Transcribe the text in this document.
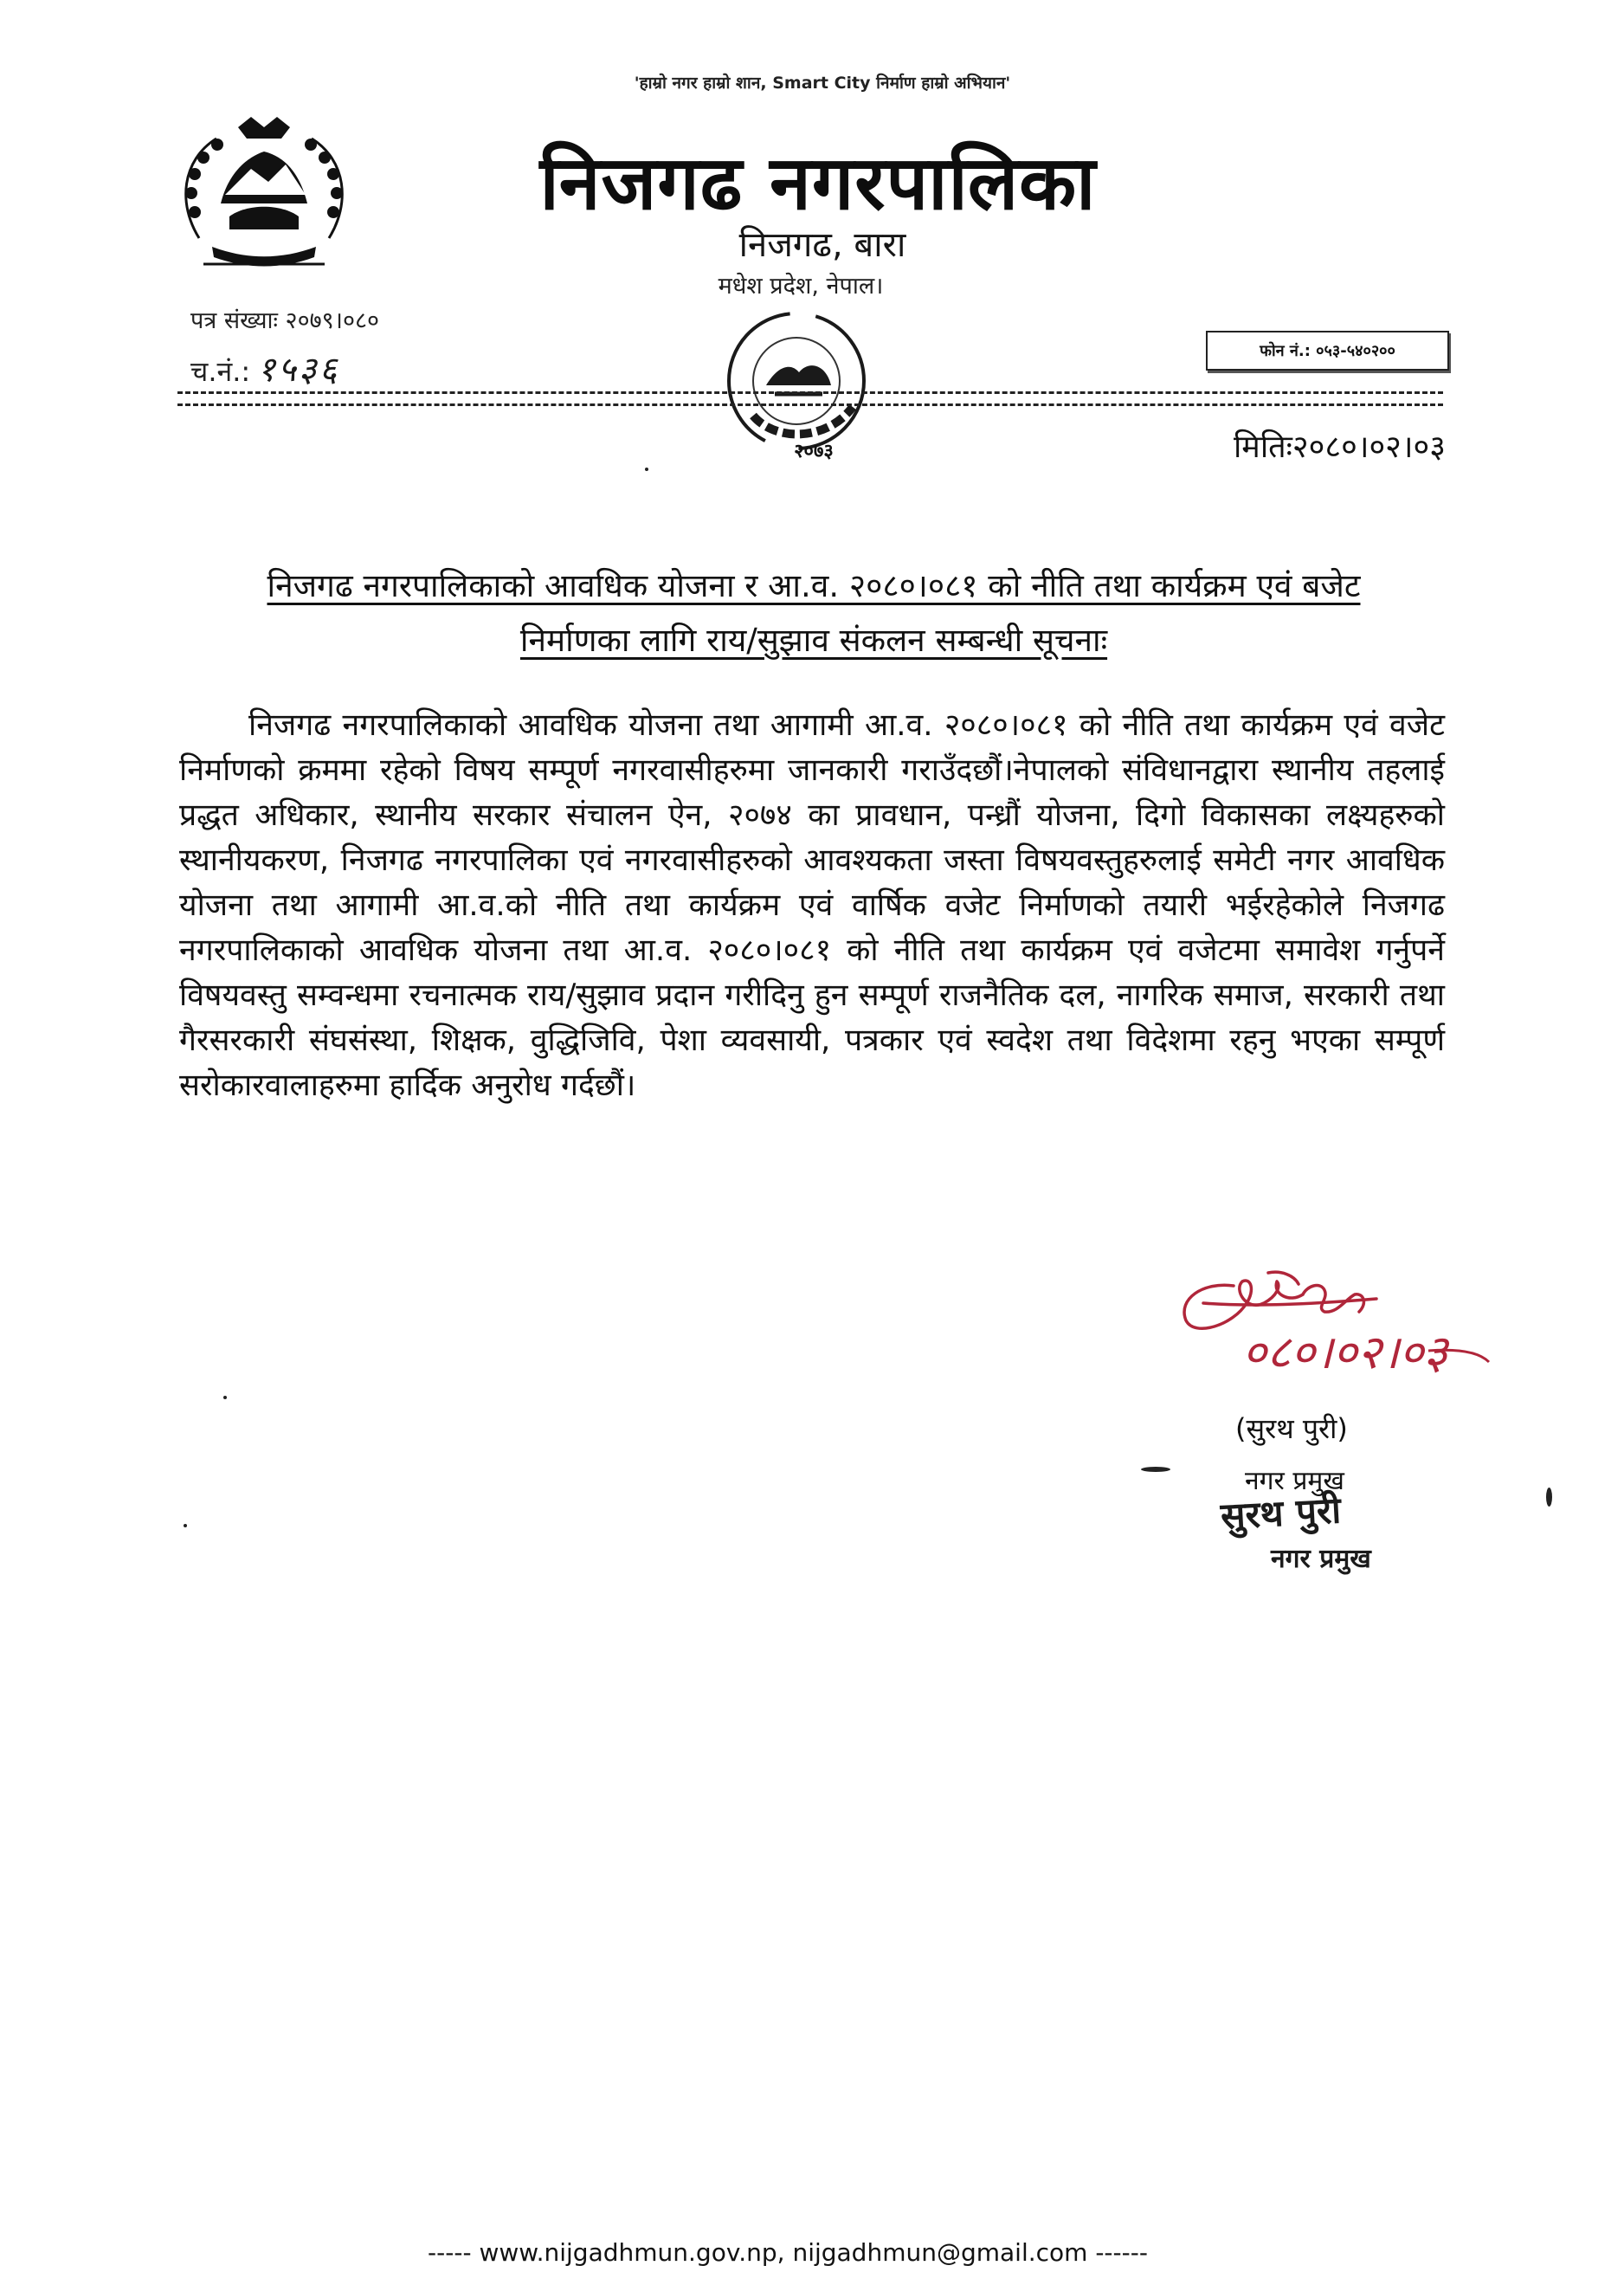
'हाम्रो नगर हाम्रो शान, Smart City निर्माण हाम्रो अभियान'
निजगढ नगरपालिका
निजगढ, बारा
मधेश प्रदेश, नेपाल।
२०७३
पत्र संख्याः २०७९।०८०
च.नं.: १५३६	फोन नं.: ०५३-५४०२००
मितिः२०८०।०२।०३
निजगढ नगरपालिकाको आवधिक योजना र आ.व. २०८०।०८१ को नीति तथा कार्यक्रम एवं बजेट
निर्माणका लागि राय/सुझाव संकलन सम्बन्धी सूचनाः

निजगढ नगरपालिकाको आवधिक योजना तथा आगामी आ.व. २०८०।०८१ को नीति तथा कार्यक्रम एवं वजेट निर्माणको क्रममा रहेको विषय सम्पूर्ण नगरवासीहरुमा जानकारी गराउँदछौं।नेपालको संविधानद्वारा स्थानीय तहलाई प्रद्धत अधिकार, स्थानीय सरकार संचालन ऐन, २०७४ का प्रावधान, पन्ध्रौं योजना, दिगो विकासका लक्ष्यहरुको स्थानीयकरण, निजगढ नगरपालिका एवं नगरवासीहरुको आवश्यकता जस्ता विषयवस्तुहरुलाई समेटी नगर आवधिक योजना तथा आगामी आ.व.को नीति तथा कार्यक्रम एवं वार्षिक वजेट निर्माणको तयारी भईरहेकोले निजगढ नगरपालिकाको आवधिक योजना तथा आ.व. २०८०।०८१ को नीति तथा कार्यक्रम एवं वजेटमा समावेश गर्नुपर्ने विषयवस्तु सम्वन्धमा रचनात्मक राय/सुझाव प्रदान गरीदिनु हुन सम्पूर्ण राजनैतिक दल, नागरिक समाज, सरकारी तथा गैरसरकारी संघसंस्था, शिक्षक, वुद्धिजिवि, पेशा व्यवसायी, पत्रकार एवं स्वदेश तथा विदेशमा रहनु भएका सम्पूर्ण सरोकारवालाहरुमा हार्दिक अनुरोध गर्दछौं।

०८०।०२।०३
(सुरथ पुरी)
नगर प्रमुख
सुरथ पुरी
नगर प्रमुख
----- www.nijgadhmun.gov.np, nijgadhmun@gmail.com ------
